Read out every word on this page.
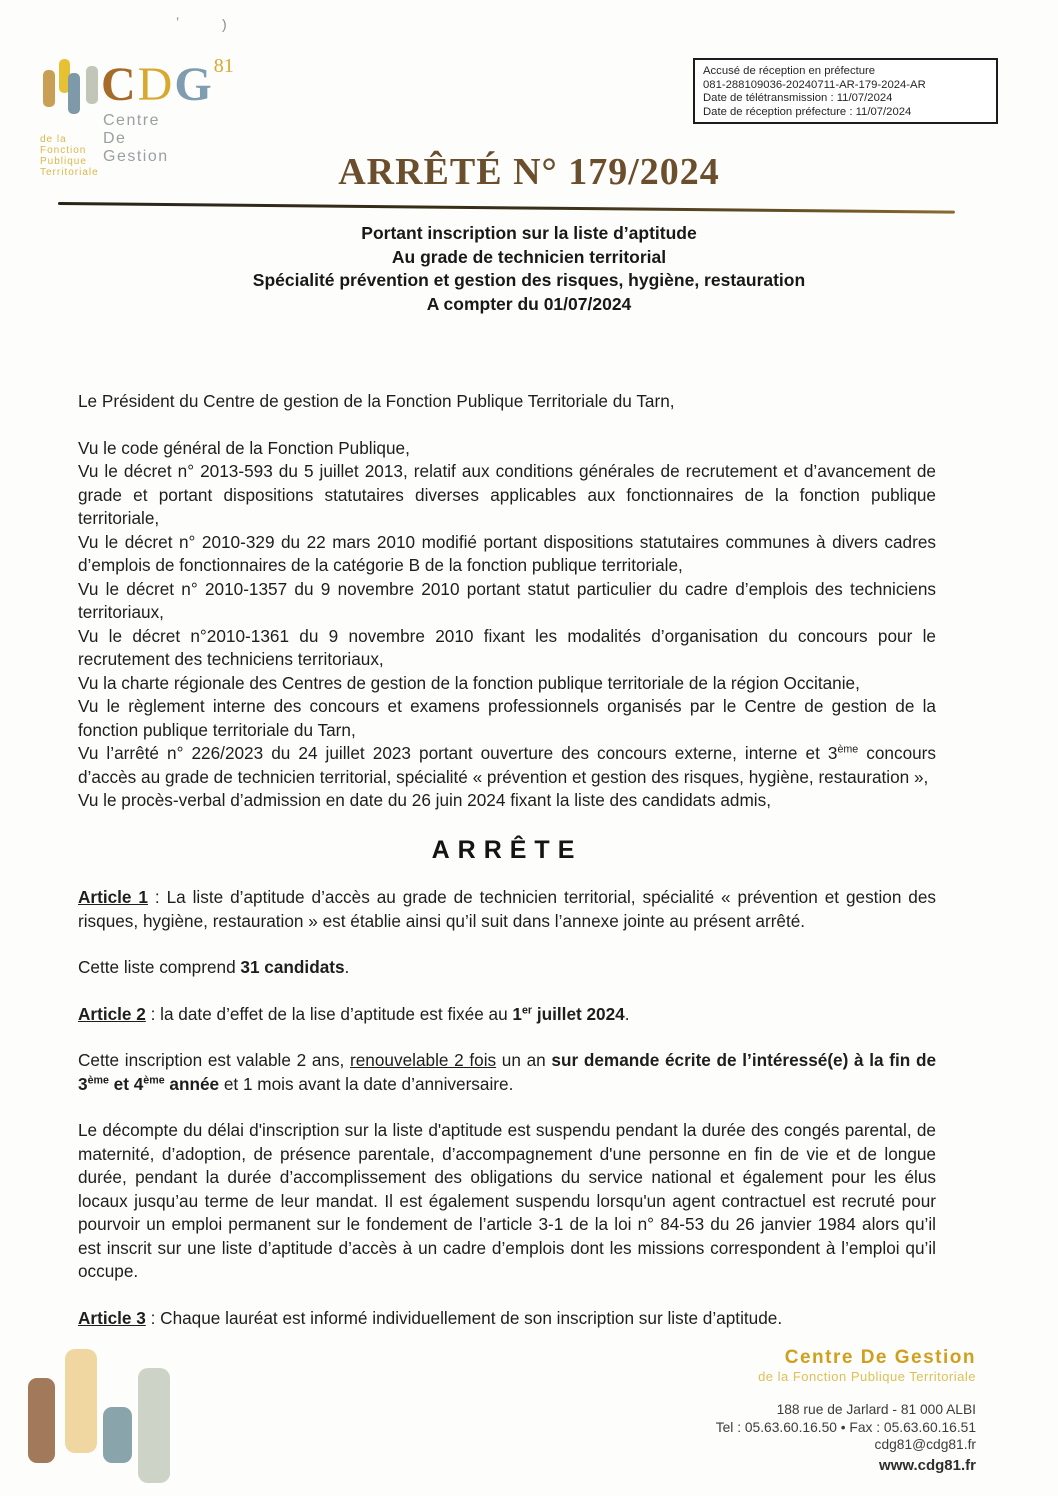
’	)
CDG$^{81}$
Centre De Gestion
de la Fonction Publique Territoriale
Accusé de réception en préfecture
081-288109036-20240711-AR-179-2024-AR
Date de télétransmission : 11/07/2024
Date de réception préfecture : 11/07/2024
ARRÊTÉ N° 179/2024
Portant inscription sur la liste d’aptitude
Au grade de technicien territorial
Spécialité prévention et gestion des risques, hygiène, restauration
A compter du 01/07/2024

Le Président du Centre de gestion de la Fonction Publique Territoriale du Tarn,

Vu le code général de la Fonction Publique,

Vu le décret n° 2013-593 du 5 juillet 2013, relatif aux conditions générales de recrutement et d’avancement de grade et portant dispositions statutaires diverses applicables aux fonctionnaires de la fonction publique territoriale,

Vu le décret n° 2010-329 du 22 mars 2010 modifié portant dispositions statutaires communes à divers cadres d’emplois de fonctionnaires de la catégorie B de la fonction publique territoriale,

Vu le décret n° 2010-1357 du 9 novembre 2010 portant statut particulier du cadre d’emplois des techniciens territoriaux,

Vu le décret n°2010-1361 du 9 novembre 2010 fixant les modalités d’organisation du concours pour le recrutement des techniciens territoriaux,

Vu la charte régionale des Centres de gestion de la fonction publique territoriale de la région Occitanie,

Vu le règlement interne des concours et examens professionnels organisés par le Centre de gestion de la fonction publique territoriale du Tarn,

Vu l’arrêté n° 226/2023 du 24 juillet 2023 portant ouverture des concours externe, interne et 3ème concours d’accès au grade de technicien territorial, spécialité « prévention et gestion des risques, hygiène, restauration »,

Vu le procès-verbal d’admission en date du 26 juin 2024 fixant la liste des candidats admis,

ARRÊTE

Article 1 : La liste d’aptitude d’accès au grade de technicien territorial, spécialité « prévention et gestion des risques, hygiène, restauration » est établie ainsi qu’il suit dans l’annexe jointe au présent arrêté.

Cette liste comprend 31 candidats.

Article 2 : la date d’effet de la lise d’aptitude est fixée au 1er juillet 2024.

Cette inscription est valable 2 ans, renouvelable 2 fois un an sur demande écrite de l’intéressé(e) à la fin de 3ème et 4ème année et 1 mois avant la date d’anniversaire.

Le décompte du délai d'inscription sur la liste d'aptitude est suspendu pendant la durée des congés parental, de maternité, d’adoption, de présence parentale, d’accompagnement d'une personne en fin de vie et de longue durée, pendant la durée d’accomplissement des obligations du service national et également pour les élus locaux jusqu’au terme de leur mandat. Il est également suspendu lorsqu'un agent contractuel est recruté pour pourvoir un emploi permanent sur le fondement de l’article 3-1 de la loi n° 84-53 du 26 janvier 1984 alors qu’il est inscrit sur une liste d’aptitude d’accès à un cadre d’emplois dont les missions correspondent à l’emploi qu’il occupe.

Article 3 : Chaque lauréat est informé individuellement de son inscription sur liste d’aptitude.

Centre De Gestion
de la Fonction Publique Territoriale
188 rue de Jarlard - 81 000 ALBI
Tel : 05.63.60.16.50 • Fax : 05.63.60.16.51
cdg81@cdg81.fr
www.cdg81.fr
